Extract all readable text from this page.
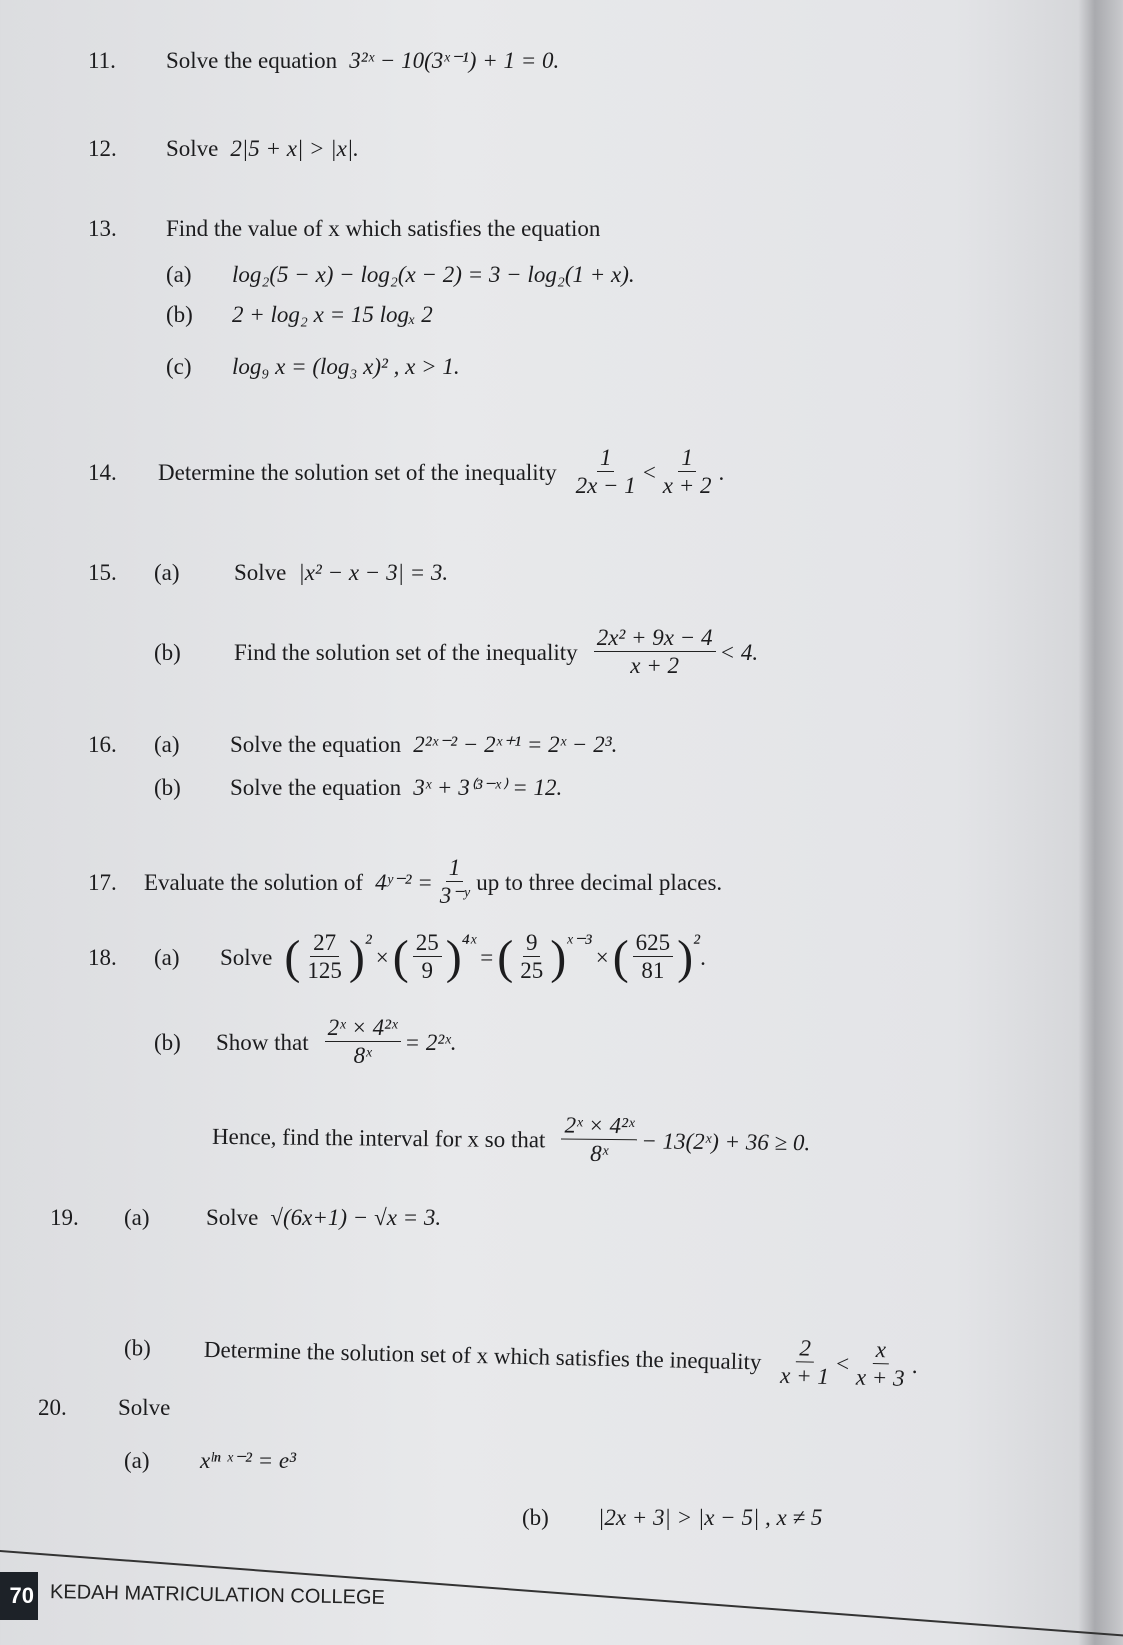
11.	Solve the equation 3²ˣ − 10(3ˣ⁻¹) + 1 = 0.
12.	Solve 2|5 + x| > |x|.
13.	Find the value of x which satisfies the equation
(a)	log₂(5 − x) − log₂(x − 2) = 3 − log₂(1 + x).
(b)	2 + log₂ x = 15 logₓ 2
(c)	log₉ x = (log₃ x)² , x > 1.
14.	Determine the solution set of the inequality $\frac{1}{2x - 1} < \frac{1}{x + 2}$ .
15.	(a)	Solve |x² − x − 3| = 3.
(b)	Find the solution set of the inequality $\frac{\text{2x² + 9x − 4}}{x + 2} < 4$.
16.	(a)	Solve the equation 2²ˣ⁻² − 2ˣ⁺¹ = 2ˣ − 2³.
(b)	Solve the equation 3ˣ + 3⁽³⁻ˣ⁾ = 12.
17.	Evaluate the solution of 4ʸ⁻² = $\frac{1}{\text{3⁻ʸ}}$ up to three decimal places.
18.	(a)	Solve ( $\frac{27}{125}$ ) ²
× ( $\frac{25}{9}$ ) ⁴ˣ
= ( $\frac{9}{25}$ ) ˣ⁻³
× ( $\frac{625}{81}$ ) ²
.
(b)	Show that $\frac{\text{2ˣ × 4²ˣ}}{\text{8ˣ}}$ = 2²ˣ.
Hence, find the interval for x so that $\frac{\text{2ˣ × 4²ˣ}}{\text{8ˣ}}$ − 13(2ˣ) + 36 ≥ 0.
19.	(a)	Solve √(6x+1) − √x = 3.
(b)	Determine the solution set of x which satisfies the inequality $\frac{2}{x + 1} < \frac{x}{x + 3}$ .
20.	Solve
(a)	xˡⁿ ˣ⁻² = e³
(b)	|2x + 3| > |x − 5| , x ≠ 5
70 KEDAH MATRICULATION COLLEGE
